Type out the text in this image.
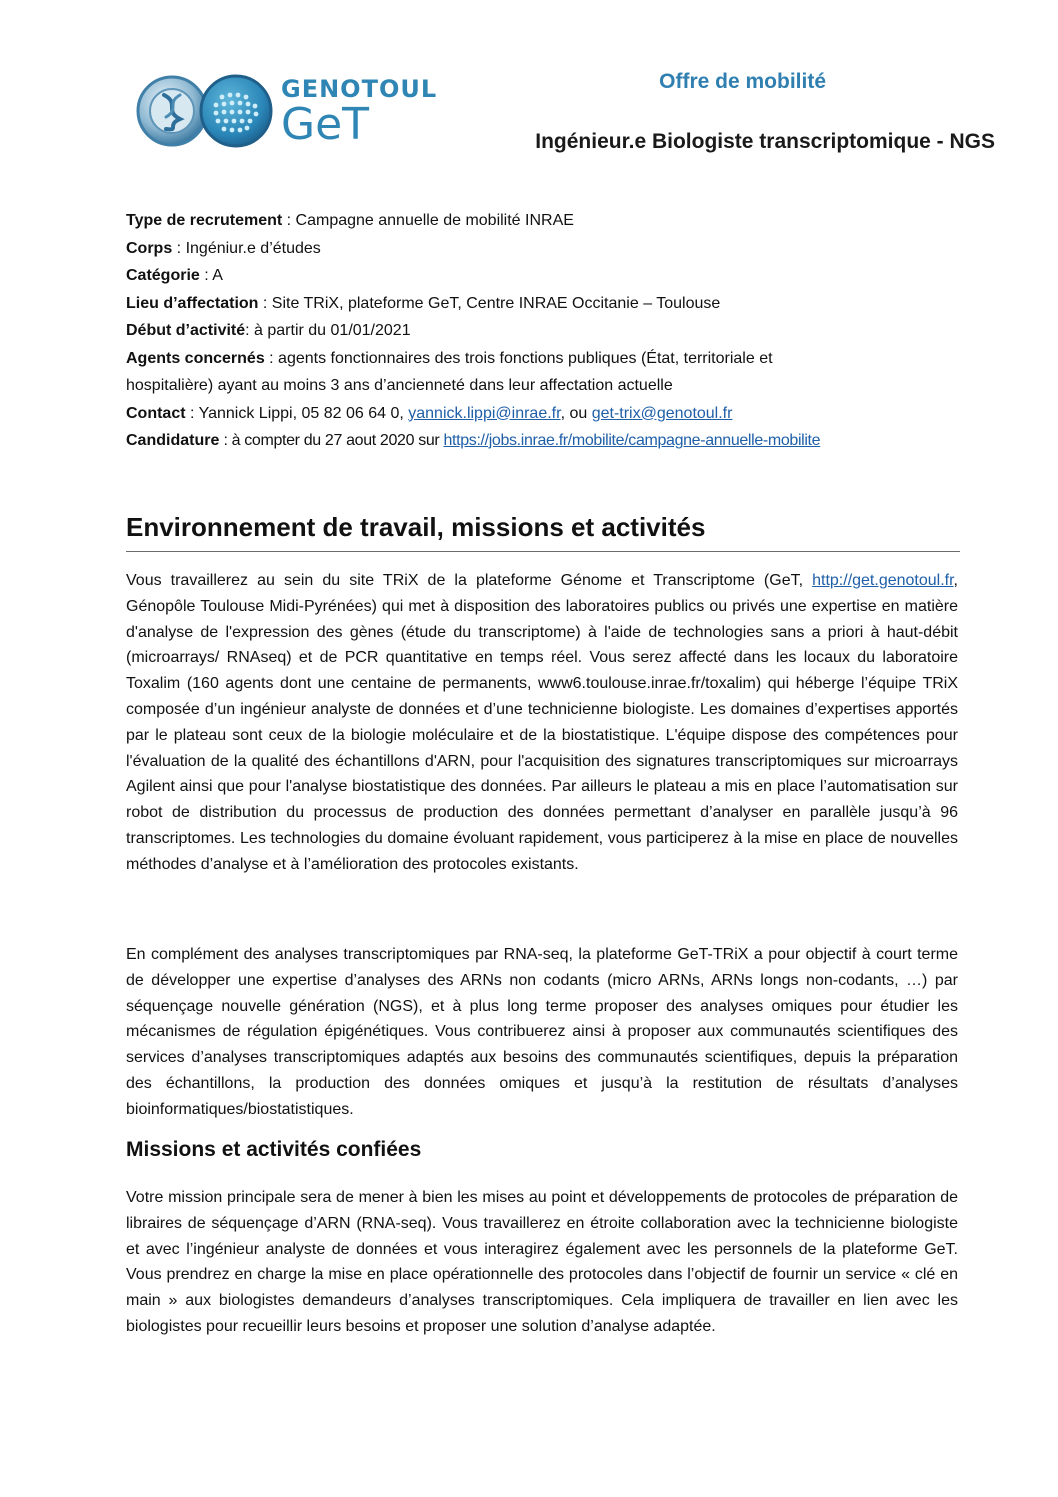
GENOTOUL
GeT
Offre de mobilité
Ingénieur.e Biologiste transcriptomique - NGS
Type de recrutement : Campagne annuelle de mobilité INRAE
Corps : Ingéniur.e d’études
Catégorie : A
Lieu d’affectation : Site TRiX, plateforme GeT, Centre INRAE Occitanie – Toulouse
Début d’activité: à partir du 01/01/2021
Agents concernés : agents fonctionnaires des trois fonctions publiques (État, territoriale et
hospitalière) ayant au moins 3 ans d’ancienneté dans leur affectation actuelle
Contact : Yannick Lippi, 05 82 06 64 0, yannick.lippi@inrae.fr, ou get-trix@genotoul.fr
Candidature : à compter du 27 aout 2020 sur https://jobs.inrae.fr/mobilite/campagne-annuelle-mobilite
Environnement de travail, missions et activités
Vous travaillerez au sein du site TRiX de la plateforme Génome et Transcriptome (GeT, http://get.genotoul.fr, Génopôle Toulouse Midi-Pyrénées) qui met à disposition des laboratoires publics ou privés une expertise en matière d'analyse de l'expression des gènes (étude du transcriptome) à l'aide de technologies sans a priori à haut-débit (microarrays/ RNAseq) et de PCR quantitative en temps réel. Vous serez affecté dans les locaux du laboratoire Toxalim (160 agents dont une centaine de permanents, www6.toulouse.inrae.fr/toxalim) qui héberge l’équipe TRiX composée d’un ingénieur analyste de données et d’une technicienne biologiste. Les domaines d’expertises apportés par le plateau sont ceux de la biologie moléculaire et de la biostatistique. L'équipe dispose des compétences pour l'évaluation de la qualité des échantillons d'ARN, pour l'acquisition des signatures transcriptomiques sur microarrays Agilent ainsi que pour l'analyse biostatistique des données. Par ailleurs le plateau a mis en place l’automatisation sur robot de distribution du processus de production des données permettant d’analyser en parallèle jusqu’à 96 transcriptomes. Les technologies du domaine évoluant rapidement, vous participerez à la mise en place de nouvelles méthodes d’analyse et à l’amélioration des protocoles existants.
En complément des analyses transcriptomiques par RNA-seq, la plateforme GeT-TRiX a pour objectif à court terme de développer une expertise d’analyses des ARNs non codants (micro ARNs, ARNs longs non-codants, …) par séquençage nouvelle génération (NGS), et à plus long terme proposer des analyses omiques pour étudier les mécanismes de régulation épigénétiques. Vous contribuerez ainsi à proposer aux communautés scientifiques des services d’analyses transcriptomiques adaptés aux besoins des communautés scientifiques, depuis la préparation des échantillons, la production des données omiques et jusqu’à la restitution de résultats d’analyses bioinformatiques/biostatistiques.
Missions et activités confiées
Votre mission principale sera de mener à bien les mises au point et développements de protocoles de préparation de libraires de séquençage d’ARN (RNA-seq). Vous travaillerez en étroite collaboration avec la technicienne biologiste et avec l’ingénieur analyste de données et vous interagirez également avec les personnels de la plateforme GeT. Vous prendrez en charge la mise en place opérationnelle des protocoles dans l’objectif de fournir un service « clé en main » aux biologistes demandeurs d’analyses transcriptomiques. Cela impliquera de travailler en lien avec les biologistes pour recueillir leurs besoins et proposer une solution d’analyse adaptée.
